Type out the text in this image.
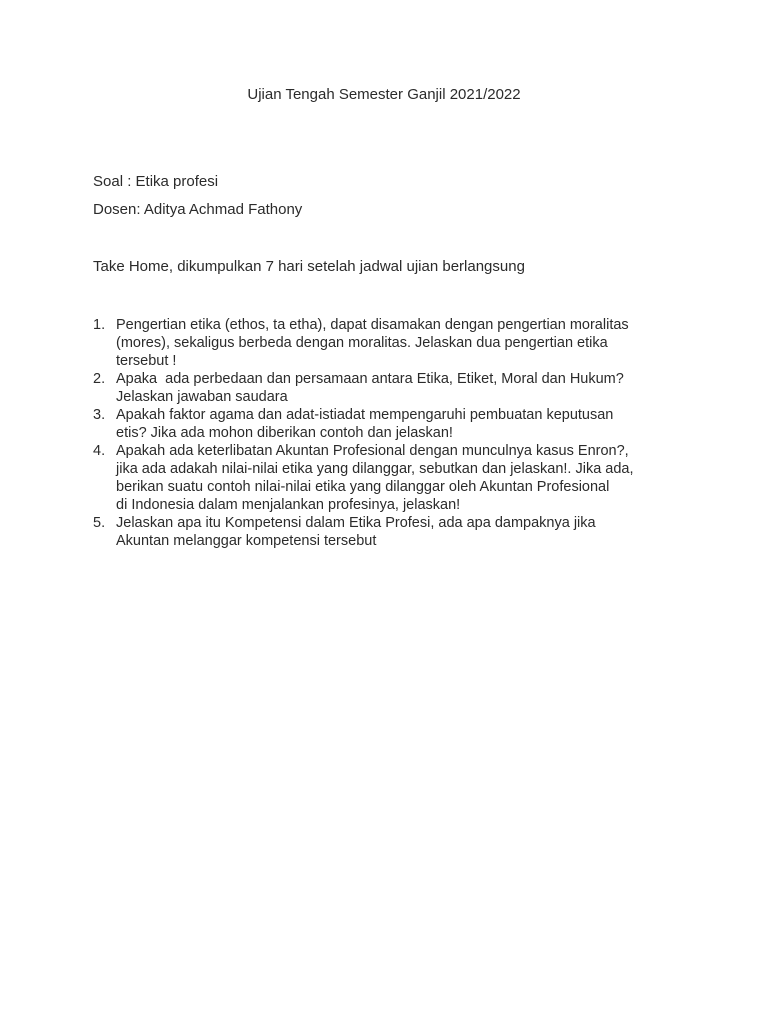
Ujian Tengah Semester Ganjil 2021/2022
Soal : Etika profesi
Dosen: Aditya Achmad Fathony
Take Home, dikumpulkan 7 hari setelah jadwal ujian berlangsung
1. Pengertian etika (ethos, ta etha), dapat disamakan dengan pengertian moralitas
(mores), sekaligus berbeda dengan moralitas. Jelaskan dua pengertian etika
tersebut !
2. Apaka  ada perbedaan dan persamaan antara Etika, Etiket, Moral dan Hukum?
Jelaskan jawaban saudara
3. Apakah faktor agama dan adat-istiadat mempengaruhi pembuatan keputusan
etis? Jika ada mohon diberikan contoh dan jelaskan!
4. Apakah ada keterlibatan Akuntan Profesional dengan munculnya kasus Enron?,
jika ada adakah nilai-nilai etika yang dilanggar, sebutkan dan jelaskan!. Jika ada,
berikan suatu contoh nilai-nilai etika yang dilanggar oleh Akuntan Profesional
di Indonesia dalam menjalankan profesinya, jelaskan!
5. Jelaskan apa itu Kompetensi dalam Etika Profesi, ada apa dampaknya jika
Akuntan melanggar kompetensi tersebut
